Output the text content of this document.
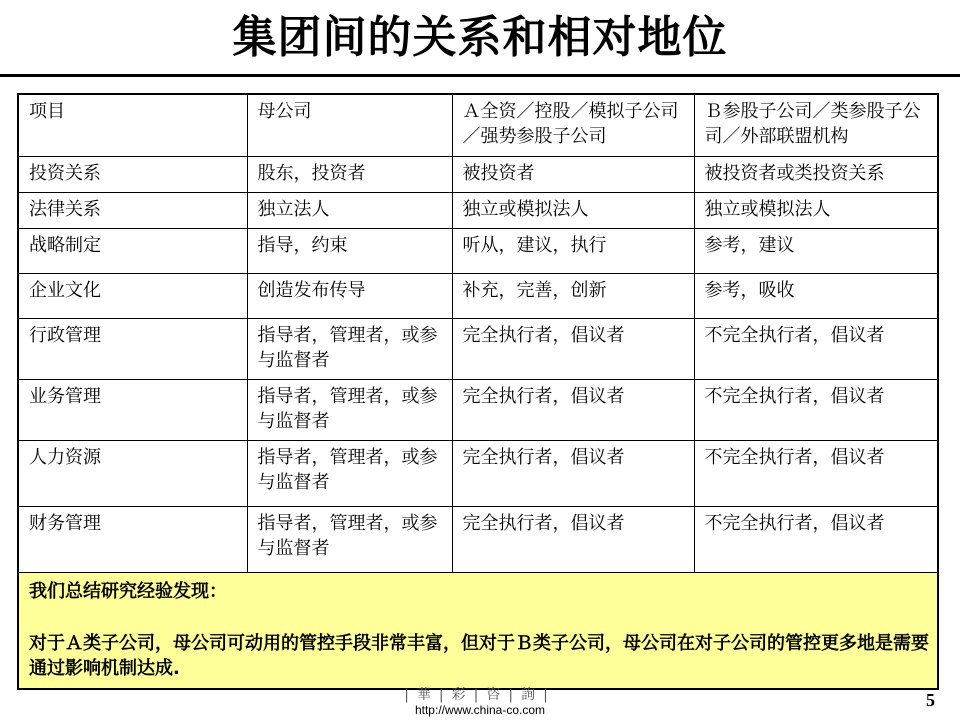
集团间的关系和相对地位
项目	母公司	Ａ全资／控股／模拟子公司／强势参股子公司	Ｂ参股子公司／类参股子公司／外部联盟机构
投资关系	股东，投资者	被投资者	被投资者或类投资关系
法律关系	独立法人	独立或模拟法人	独立或模拟法人
战略制定	指导，约束	听从，建议，执行	参考，建议
企业文化	创造发布传导	补充，完善，创新	参考，吸收
行政管理	指导者，管理者，或参与监督者	完全执行者，倡议者	不完全执行者，倡议者
业务管理	指导者，管理者，或参与监督者	完全执行者，倡议者	不完全执行者，倡议者
人力资源	指导者，管理者，或参与监督者	完全执行者，倡议者	不完全执行者，倡议者
财务管理	指导者，管理者，或参与监督者	完全执行者，倡议者	不完全执行者，倡议者

我们总结研究经验发现：
对于Ａ类子公司，母公司可动用的管控手段非常丰富，但对于Ｂ类子公司，母公司在对子公司的管控更多地是需要通过影响机制达成.			
|華|彩|咨|詢|
http://www.china-co.com	5
